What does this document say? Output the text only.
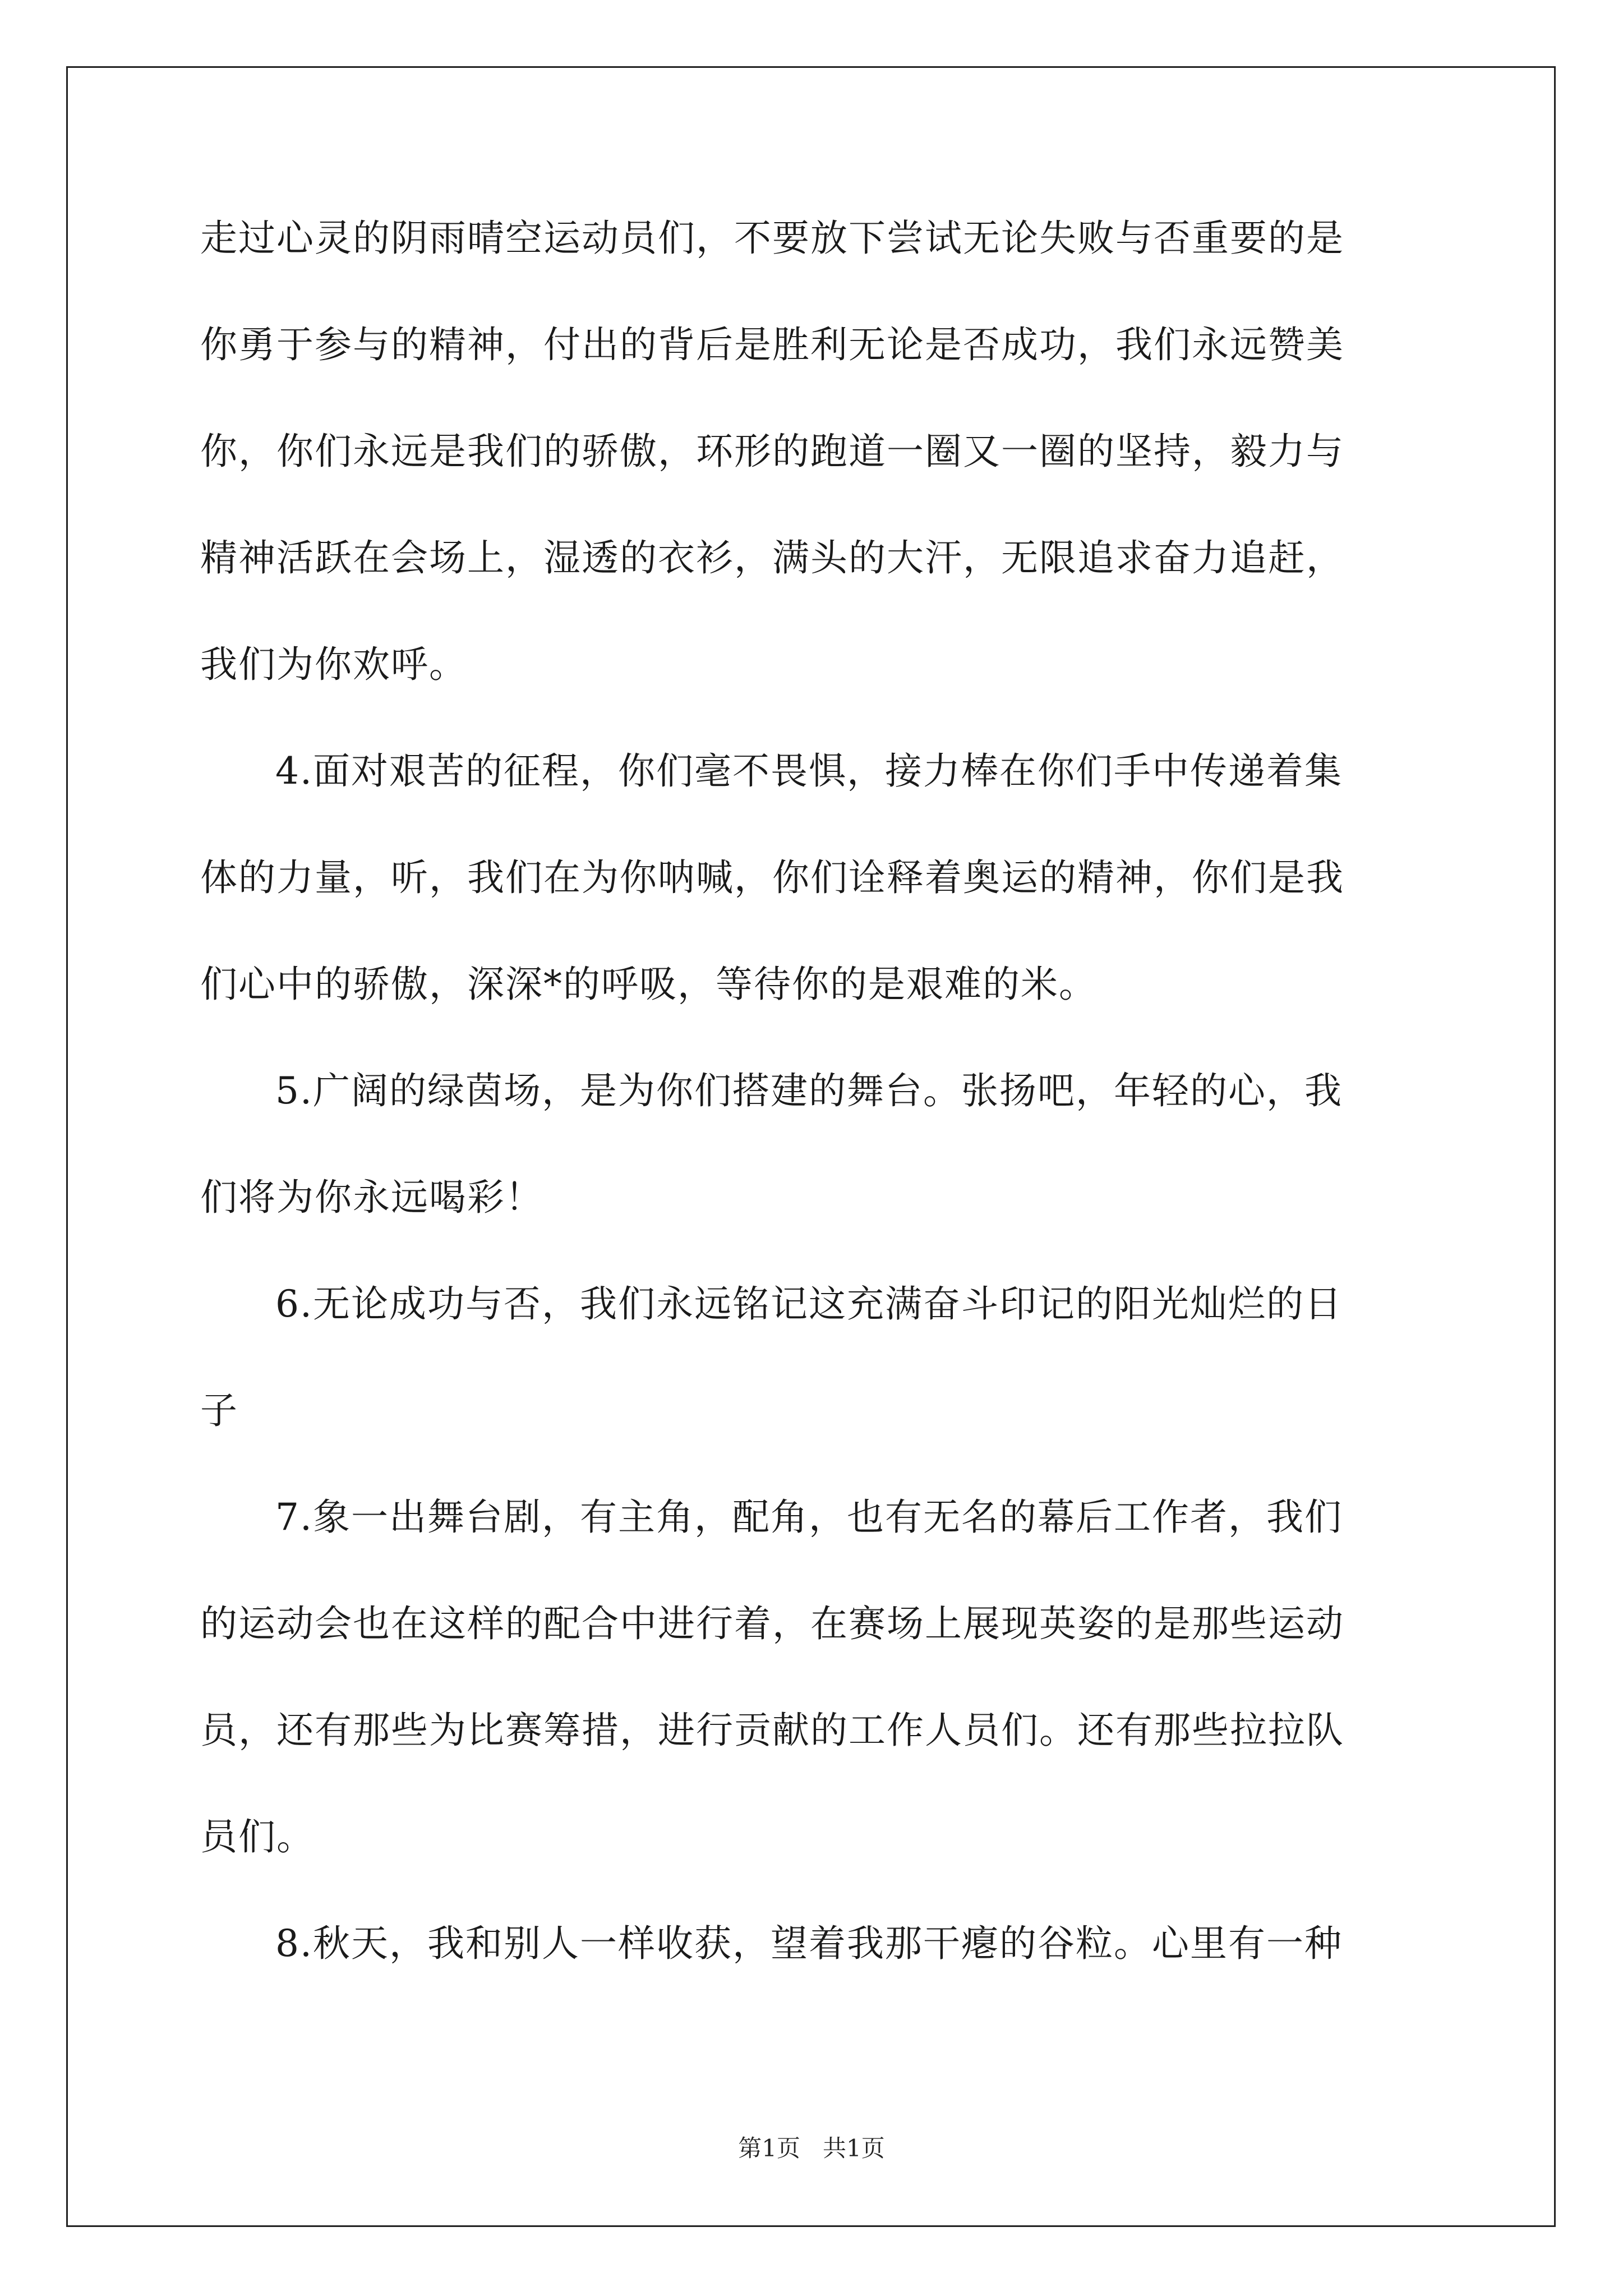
走过心灵的阴雨晴空运动员们，不要放下尝试无论失败与否重要的是
你勇于参与的精神，付出的背后是胜利无论是否成功，我们永远赞美
你，你们永远是我们的骄傲，环形的跑道一圈又一圈的坚持，毅力与
精神活跃在会场上，湿透的衣衫，满头的大汗，无限追求奋力追赶，
我们为你欢呼。
4.面对艰苦的征程，你们毫不畏惧，接力棒在你们手中传递着集
体的力量，听，我们在为你呐喊，你们诠释着奥运的精神，你们是我
们心中的骄傲，深深*的呼吸，等待你的是艰难的米。
5.广阔的绿茵场，是为你们搭建的舞台。张扬吧，年轻的心，我
们将为你永远喝彩！
6.无论成功与否，我们永远铭记这充满奋斗印记的阳光灿烂的日
子
7.象一出舞台剧，有主角，配角，也有无名的幕后工作者，我们
的运动会也在这样的配合中进行着，在赛场上展现英姿的是那些运动
员，还有那些为比赛筹措，进行贡献的工作人员们。还有那些拉拉队
员们。
8.秋天，我和别人一样收获，望着我那干瘪的谷粒。心里有一种
第1页   共1页
